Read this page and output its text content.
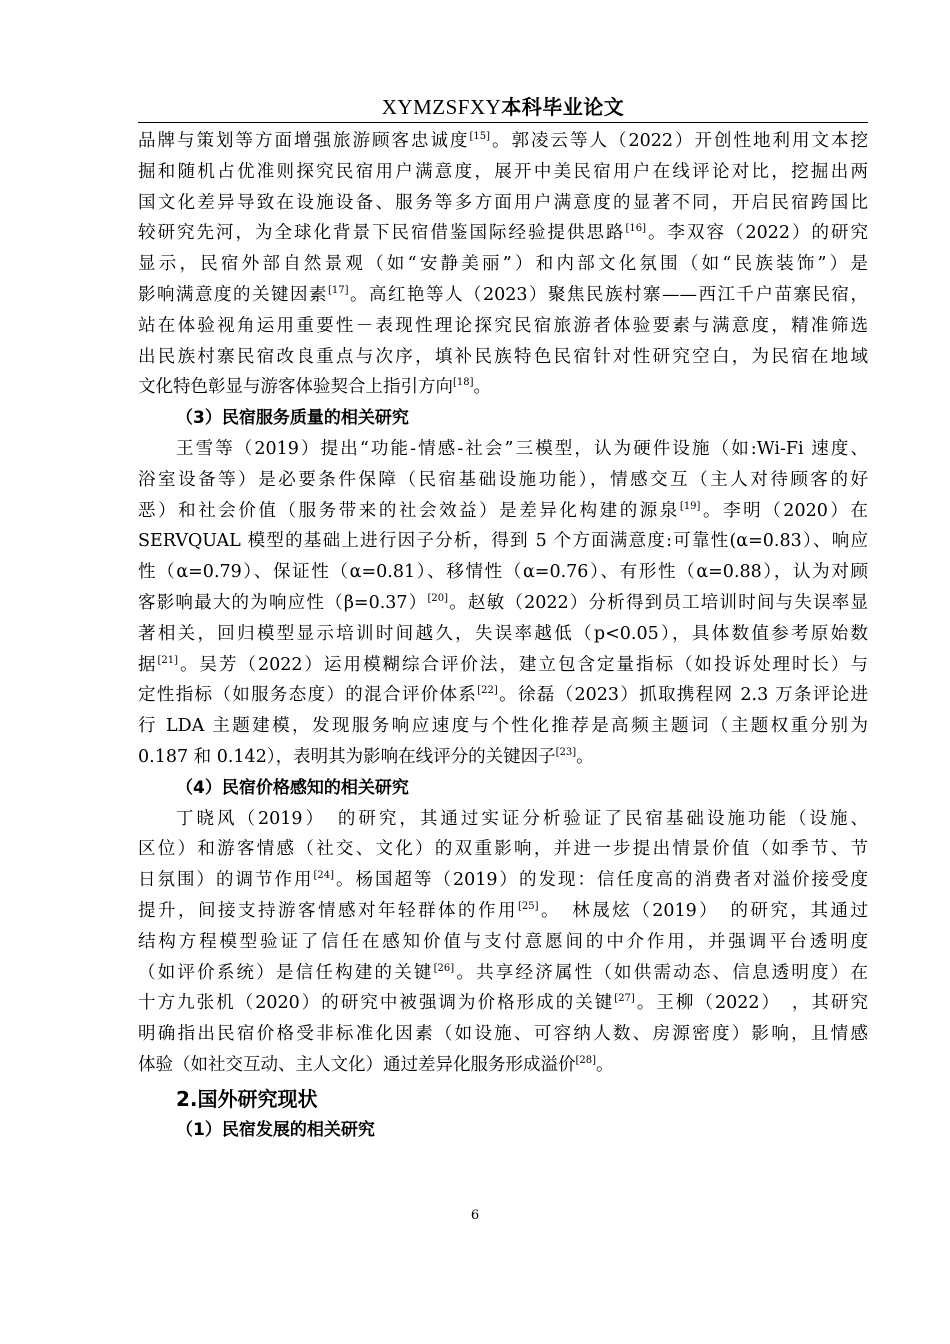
XYMZSFXY本科毕业论文
品牌与策划等方面增强旅游顾客忠诚度[15]。郭凌云等人（2022）开创性地利用文本挖
掘和随机占优准则探究民宿用户满意度，展开中美民宿用户在线评论对比，挖掘出两
国文化差异导致在设施设备、服务等多方面用户满意度的显著不同，开启民宿跨国比
较研究先河，为全球化背景下民宿借鉴国际经验提供思路[16]。李双容（2022）的研究
显示，民宿外部自然景观（如“安静美丽”）和内部文化氛围（如“民族装饰”）是
影响满意度的关键因素[17]。高红艳等人（2023）聚焦民族村寨——西江千户苗寨民宿，
站在体验视角运用重要性－表现性理论探究民宿旅游者体验要素与满意度，精准筛选
出民族村寨民宿改良重点与次序，填补民族特色民宿针对性研究空白，为民宿在地域
文化特色彰显与游客体验契合上指引方向[18]。
（3）民宿服务质量的相关研究
王雪等（2019）提出“功能-情感-社会”三模型，认为硬件设施（如:Wi-Fi 速度、
浴室设备等）是必要条件保障（民宿基础设施功能），情感交互（主人对待顾客的好
恶）和社会价值（服务带来的社会效益）是差异化构建的源泉[19]。李明（2020）在
SERVQUAL 模型的基础上进行因子分析，得到 5 个方面满意度:可靠性(α=0.83）、响应
性（α=0.79）、保证性（α=0.81）、移情性（α=0.76）、有形性（α=0.88），认为对顾
客影响最大的为响应性（β=0.37）[20]。赵敏（2022）分析得到员工培训时间与失误率显
著相关，回归模型显示培训时间越久，失误率越低（p<0.05），具体数值参考原始数
据[21]。吴芳（2022）运用模糊综合评价法，建立包含定量指标（如投诉处理时长）与
定性指标（如服务态度）的混合评价体系[22]。徐磊（2023）抓取携程网 2.3 万条评论进
行 LDA 主题建模，发现服务响应速度与个性化推荐是高频主题词（主题权重分别为
0.187 和 0.142），表明其为影响在线评分的关键因子[23]。
（4）民宿价格感知的相关研究
丁晓风（2019）　的研究，其通过实证分析验证了民宿基础设施功能（设施、
区位）和游客情感（社交、文化）的双重影响，并进一步提出情景价值（如季节、节
日氛围）的调节作用[24]。杨国超等（2019）的发现：信任度高的消费者对溢价接受度
提升，间接支持游客情感对年轻群体的作用[25]。　林晟炫（2019）　的研究，其通过
结构方程模型验证了信任在感知价值与支付意愿间的中介作用，并强调平台透明度
（如评价系统）是信任构建的关键[26]。共享经济属性（如供需动态、信息透明度）在
十方九张机（2020）的研究中被强调为价格形成的关键[27]。王柳（2022）　，其研究
明确指出民宿价格受非标准化因素（如设施、可容纳人数、房源密度）影响，且情感
体验（如社交互动、主人文化）通过差异化服务形成溢价[28]。
2.国外研究现状
（1）民宿发展的相关研究
6
